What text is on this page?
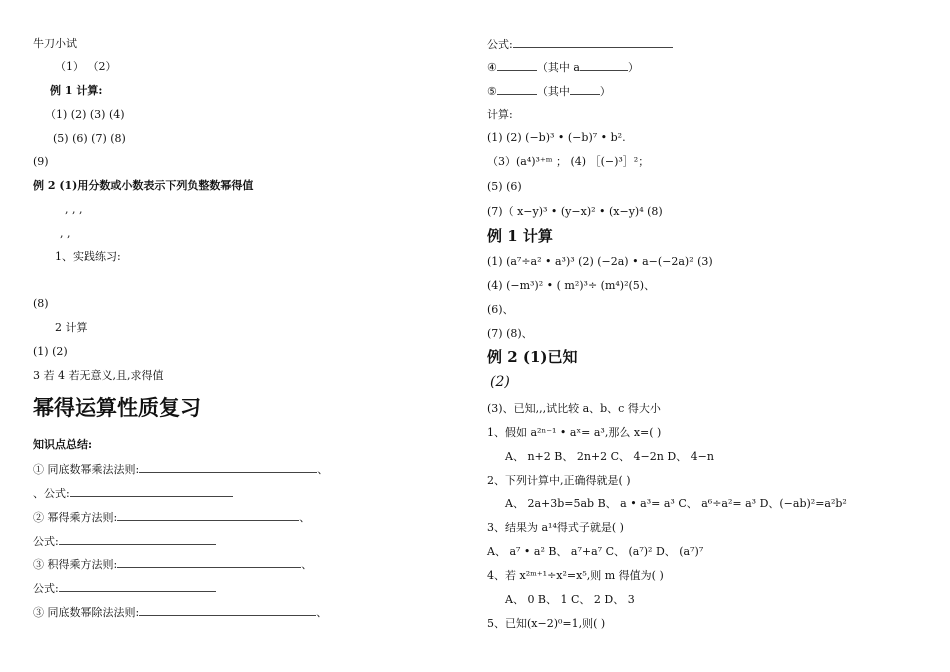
牛刀小试
（1） （2）
例 1 计算:
（1) (2) (3) (4)
(5) (6) (7) (8)
(9)
例 2 (1)用分数或小数表示下列负整数幂得值
, , ,
, ,
1、实践练习:
(8)
2 计算
(1) (2)
3 若 4 若无意义,且,求得值
幂得运算性质复习
知识点总结:
① 同底数幂乘法法则:	、
、公式:
② 幂得乘方法则:	、
公式:
③ 积得乘方法则:	、
公式:
③ 同底数幂除法法则:	、
公式:
④	（其中 a	）
⑤	（其中	）
计算:
(1) (2) (−b)³ • (−b)⁷ • b².
（3）(a⁴)³⁺ᵐ ； (4) ［(−)³］²；
(5) (6)
(7)（ x−y)³ • (y−x)² • (x−y)⁴ (8)
例 1 计算
(1) (a⁷÷a² • a³)³ (2) (−2a) • a−(−2a)² (3)
(4) (−m³)² • ( m²)³÷ (m⁴)²(5)、
(6)、
(7) (8)、
例 2 (1)已知
(2)
(3)、已知,,,试比较 a、b、c 得大小
1、假如 a²ⁿ⁻¹ • aˣ= a³,那么 x=( )
A、 n+2 B、 2n+2 C、 4−2n D、 4−n
2、下列计算中,正确得就是( )
A、 2a+3b=5ab B、 a • a³= a³ C、 a⁶÷a²= a³ D、(−ab)²=a²b²
3、结果为 a¹⁴得式子就是( )
A、 a⁷ • a² B、 a⁷+a⁷ C、 (a⁷)² D、 (a⁷)⁷
4、若 x²ᵐ⁺¹÷x²=x⁵,则 m 得值为( )
A、 0 B、 1 C、 2 D、 3
5、已知(x−2)⁰=1,则( )
